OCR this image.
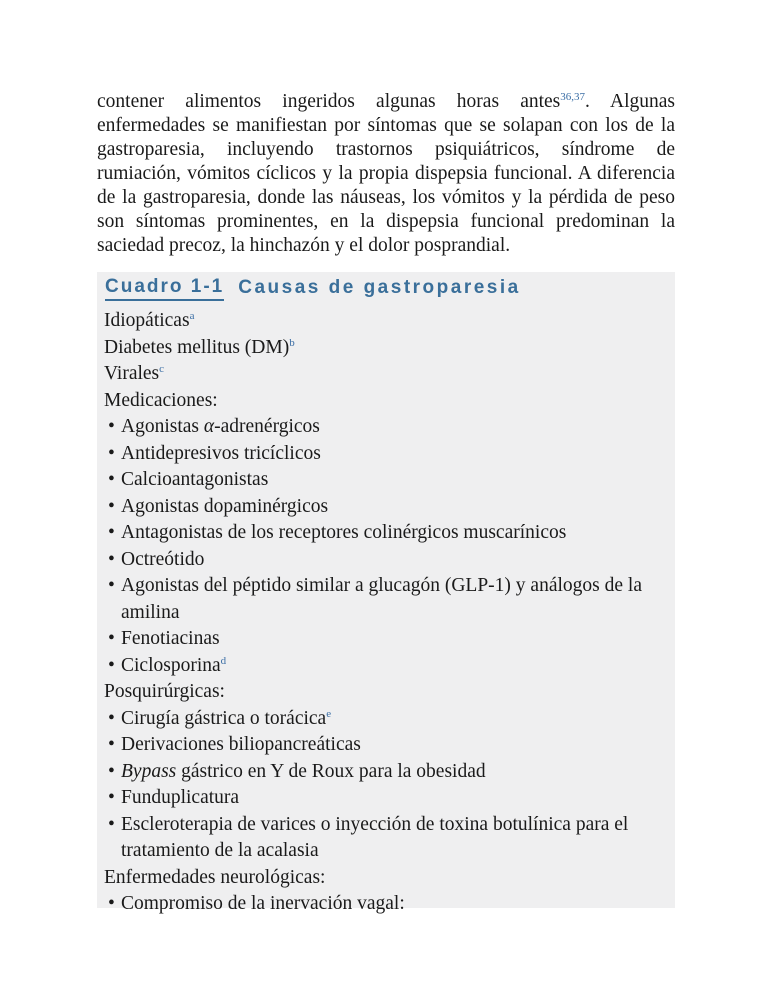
contener alimentos ingeridos algunas horas antes$^{36,37}$. Algunas enfermedades se manifiestan por síntomas que se solapan con los de la gastroparesia, incluyendo trastornos psiquiátricos, síndrome de rumiación, vómitos cíclicos y la propia dispepsia funcional. A diferencia de la gastroparesia, donde las náuseas, los vómitos y la pérdida de peso son síntomas prominentes, en la dispepsia funcional predominan la saciedad precoz, la hinchazón y el dolor posprandial.

Cuadro 1-1 Causas de gastroparesia
Idiopáticas$^a$
Diabetes mellitus (DM)$^b$
Virales$^c$
Medicaciones:
• Agonistas α-adrenérgicos
• Antidepresivos tricíclicos
• Calcioantagonistas
• Agonistas dopaminérgicos
• Antagonistas de los receptores colinérgicos muscarínicos
• Octreótido
• Agonistas del péptido similar a glucagón (GLP-1) y análogos de la amilina
• Fenotiacinas
• Ciclosporina$^d$
Posquirúrgicas:
• Cirugía gástrica o torácica$^e$
• Derivaciones biliopancreáticas
• Bypass gástrico en Y de Roux para la obesidad
• Funduplicatura
• Escleroterapia de varices o inyección de toxina botulínica para el tratamiento de la acalasia
Enfermedades neurológicas:
• Compromiso de la inervación vagal:
